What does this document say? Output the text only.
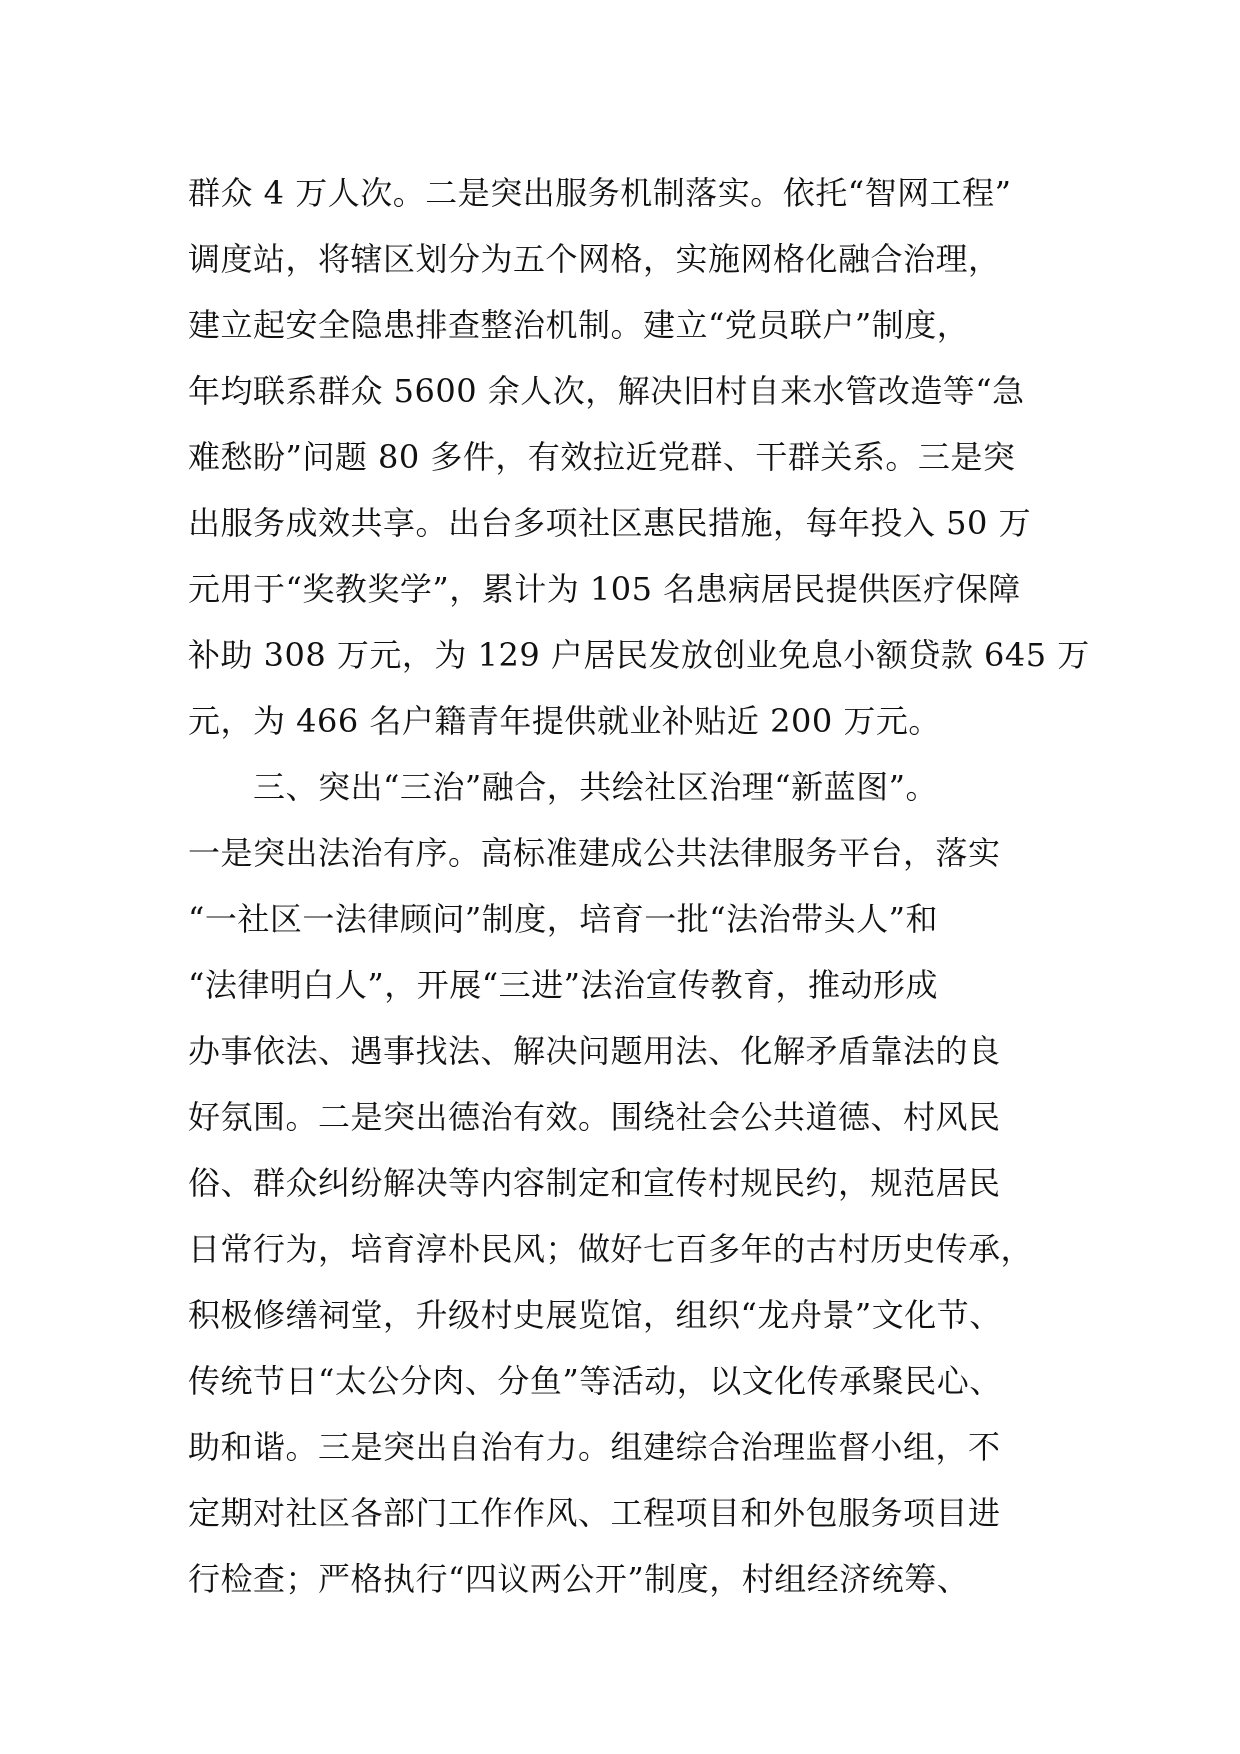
群众 4 万人次。二是突出服务机制落实。依托“智网工程”
调度站，将辖区划分为五个网格，实施网格化融合治理，
建立起安全隐患排查整治机制。建立“党员联户”制度，
年均联系群众 5600 余人次，解决旧村自来水管改造等“急
难愁盼”问题 80 多件，有效拉近党群、干群关系。三是突
出服务成效共享。出台多项社区惠民措施，每年投入 50 万
元用于“奖教奖学”，累计为 105 名患病居民提供医疗保障
补助 308 万元，为 129 户居民发放创业免息小额贷款 645 万
元，为 466 名户籍青年提供就业补贴近 200 万元。
　　三、突出“三治”融合，共绘社区治理“新蓝图”。
一是突出法治有序。高标准建成公共法律服务平台，落实
“一社区一法律顾问”制度，培育一批“法治带头人”和
“法律明白人”，开展“三进”法治宣传教育，推动形成
办事依法、遇事找法、解决问题用法、化解矛盾靠法的良
好氛围。二是突出德治有效。围绕社会公共道德、村风民
俗、群众纠纷解决等内容制定和宣传村规民约，规范居民
日常行为，培育淳朴民风；做好七百多年的古村历史传承，
积极修缮祠堂，升级村史展览馆，组织“龙舟景”文化节、
传统节日“太公分肉、分鱼”等活动，以文化传承聚民心、
助和谐。三是突出自治有力。组建综合治理监督小组，不
定期对社区各部门工作作风、工程项目和外包服务项目进
行检查；严格执行“四议两公开”制度，村组经济统筹、
